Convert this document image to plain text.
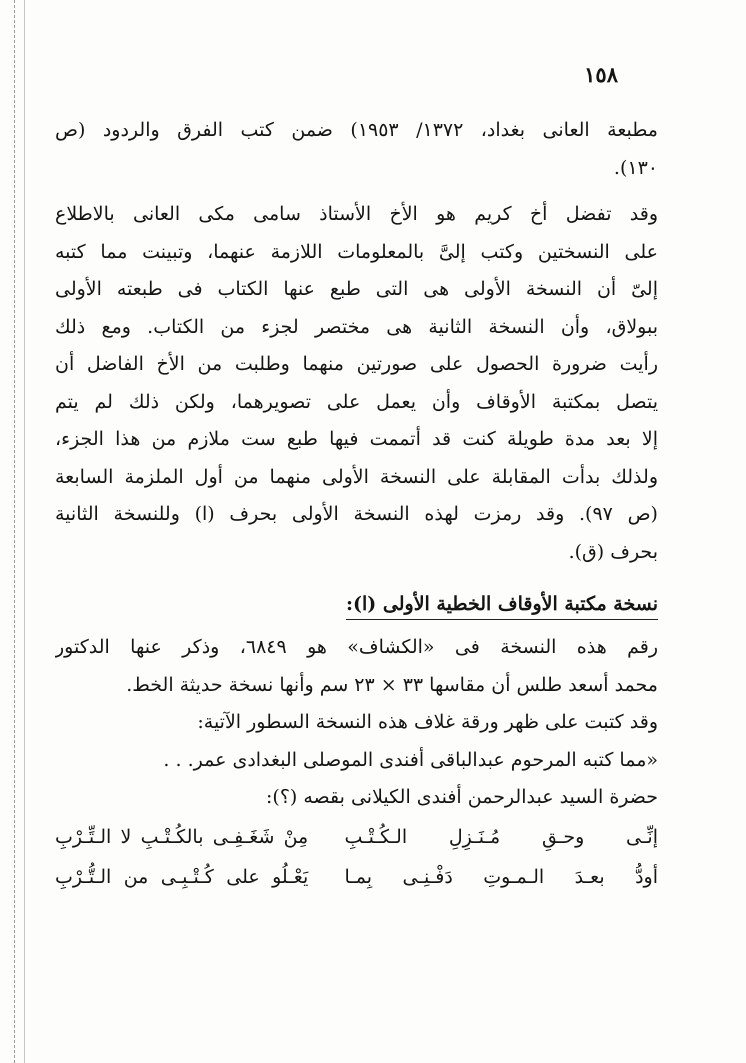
١٥٨
مطبعة العانى بغداد، ١٣٧٢/ ١٩٥٣) ضمن كتب الفرق والردود (ص
١٣٠).
وقد تفضل أخ كريم هو الأخ الأستاذ سامى مكى العانى بالاطلاع
على النسختين وكتب إلىَّ بالمعلومات اللازمة عنهما، وتبينت مما كتبه
إلىّ أن النسخة الأولى هى التى طبع عنها الكتاب فى طبعته الأولى
ببولاق، وأن النسخة الثانية هى مختصر لجزء من الكتاب. ومع ذلك
رأيت ضرورة الحصول على صورتين منهما وطلبت من الأخ الفاضل أن
يتصل بمكتبة الأوقاف وأن يعمل على تصويرهما، ولكن ذلك لم يتم
إلا بعد مدة طويلة كنت قد أتممت فيها طبع ست ملازم من هذا الجزء،
ولذلك بدأت المقابلة على النسخة الأولى منهما من أول الملزمة السابعة
(ص ٩٧). وقد رمزت لهذه النسخة الأولى بحرف (ا) وللنسخة الثانية
بحرف (ق).
نسخة مكتبة الأوقاف الخطية الأولى (ا):
رقم هذه النسخة فى «الكشاف» هو ٦٨٤٩، وذكر عنها الدكتور
محمد أسعد طلس أن مقاسها ٣٣ × ٢٣ سم وأنها نسخة حديثة الخط.
وقد كتبت على ظهر ورقة غلاف هذه النسخة السطور الآتية:
«مما كتبه المرحوم عبدالباقى أفندى الموصلى البغدادى عمر. . .
حضرة السيد عبدالرحمن أفندى الكيلانى بقصه (؟):
إنِّـى وحـقِ مُـنَـزِلِ الـكُـتْـبِ
مِنْ شَغَـفِـى بالكُـتْـبِ لا الـتِّـرْبِ
أودُّ بعـدَ الـمـوتِ دَفْـنِـى بِمـا
يَعْـلُو على كُـتْـبِـى من الـتُّـرْبِ
